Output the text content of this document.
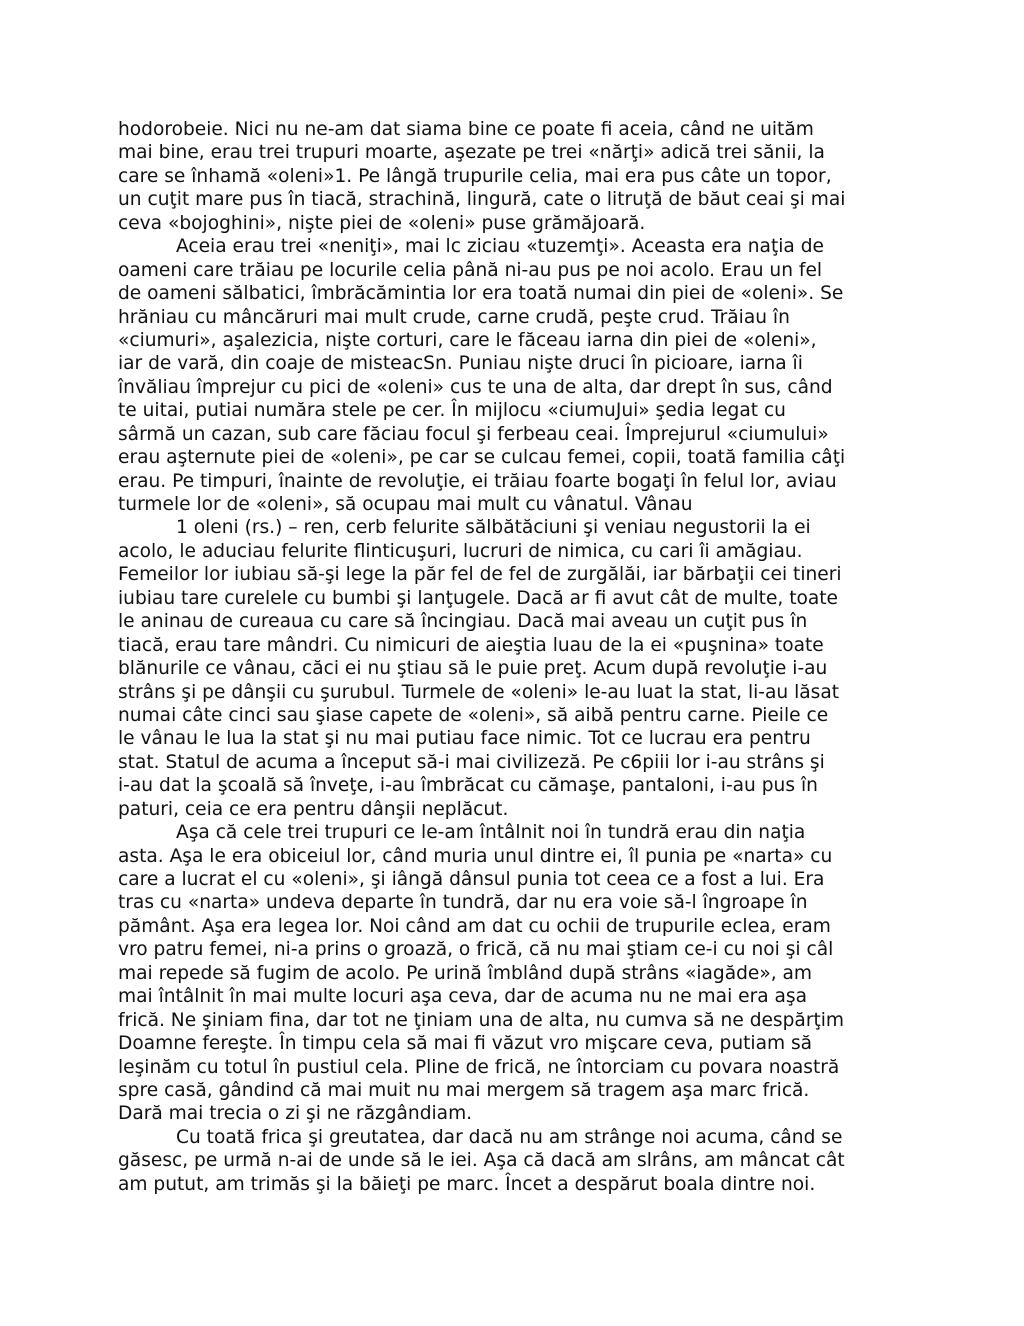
hodorobeie. Nici nu ne-am dat siama bine ce poate fi aceia, când ne uităm
mai bine, erau trei trupuri moarte, aşezate pe trei «nărţi» adică trei sănii, la
care se înhamă «oleni»1. Pe lângă trupurile celia, mai era pus câte un topor,
un cuţit mare pus în tiacă, strachină, lingură, cate o litruţă de băut ceai şi mai
ceva «bojoghini», nişte piei de «oleni» puse grămăjoară.
Aceia erau trei «neniţi», mai lc ziciau «tuzemţi». Aceasta era naţia de
oameni care trăiau pe locurile celia până ni-au pus pe noi acolo. Erau un fel
de oameni sălbatici, îmbrăcămintia lor era toată numai din piei de «oleni». Se
hrăniau cu mâncăruri mai mult crude, carne crudă, peşte crud. Trăiau în
«ciumuri», aşalezicia, nişte corturi, care le făceau iarna din piei de «oleni»,
iar de vară, din coaje de misteacSn. Puniau nişte druci în picioare, iarna îi
învăliau împrejur cu pici de «oleni» cus te una de alta, dar drept în sus, când
te uitai, putiai număra stele pe cer. În mijlocu «ciumuJui» şedia legat cu
sârmă un cazan, sub care făciau focul şi ferbeau ceai. Împrejurul «ciumului»
erau aşternute piei de «oleni», pe car se culcau femei, copii, toată familia câţi
erau. Pe timpuri, înainte de revoluţie, ei trăiau foarte bogaţi în felul lor, aviau
turmele lor de «oleni», să ocupau mai mult cu vânatul. Vânau
1 oleni (rs.) – ren, cerb felurite sălbătăciuni şi veniau negustorii la ei
acolo, le aduciau felurite flinticuşuri, lucruri de nimica, cu cari îi amăgiau.
Femeilor lor iubiau să-şi lege la păr fel de fel de zurgălăi, iar bărbaţii cei tineri
iubiau tare curelele cu bumbi şi lanţugele. Dacă ar fi avut cât de multe, toate
le aninau de cureaua cu care să încingiau. Dacă mai aveau un cuţit pus în
tiacă, erau tare mândri. Cu nimicuri de aieştia luau de la ei «puşnina» toate
blănurile ce vânau, căci ei nu ştiau să le puie preţ. Acum după revoluţie i-au
strâns şi pe dânşii cu şurubul. Turmele de «oleni» le-au luat la stat, li-au lăsat
numai câte cinci sau şiase capete de «oleni», să aibă pentru carne. Pieile ce
le vânau le lua la stat şi nu mai putiau face nimic. Tot ce lucrau era pentru
stat. Statul de acuma a început să-i mai civilizeză. Pe c6piii lor i-au strâns şi
i-au dat la şcoală să înveţe, i-au îmbrăcat cu cămaşe, pantaloni, i-au pus în
paturi, ceia ce era pentru dânşii neplăcut.
Aşa că cele trei trupuri ce le-am întâlnit noi în tundră erau din naţia
asta. Aşa le era obiceiul lor, când muria unul dintre ei, îl punia pe «narta» cu
care a lucrat el cu «oleni», şi iângă dânsul punia tot ceea ce a fost a lui. Era
tras cu «narta» undeva departe în tundră, dar nu era voie să-l îngroape în
pământ. Aşa era legea lor. Noi când am dat cu ochii de trupurile eclea, eram
vro patru femei, ni-a prins o groază, o frică, că nu mai ştiam ce-i cu noi şi câl
mai repede să fugim de acolo. Pe urină îmblând după strâns «iagăde», am
mai întâlnit în mai multe locuri aşa ceva, dar de acuma nu ne mai era aşa
frică. Ne şiniam fina, dar tot ne ţiniam una de alta, nu cumva să ne despărţim
Doamne fereşte. În timpu cela să mai fi văzut vro mişcare ceva, putiam să
leşinăm cu totul în pustiul cela. Pline de frică, ne întorciam cu povara noastră
spre casă, gândind că mai muit nu mai mergem să tragem aşa marc frică.
Dară mai trecia o zi şi ne răzgândiam.
Cu toată frica şi greutatea, dar dacă nu am strânge noi acuma, când se
găsesc, pe urmă n-ai de unde să le iei. Aşa că dacă am slrâns, am mâncat cât
am putut, am trimăs şi la băieţi pe marc. Încet a despărut boala dintre noi.
